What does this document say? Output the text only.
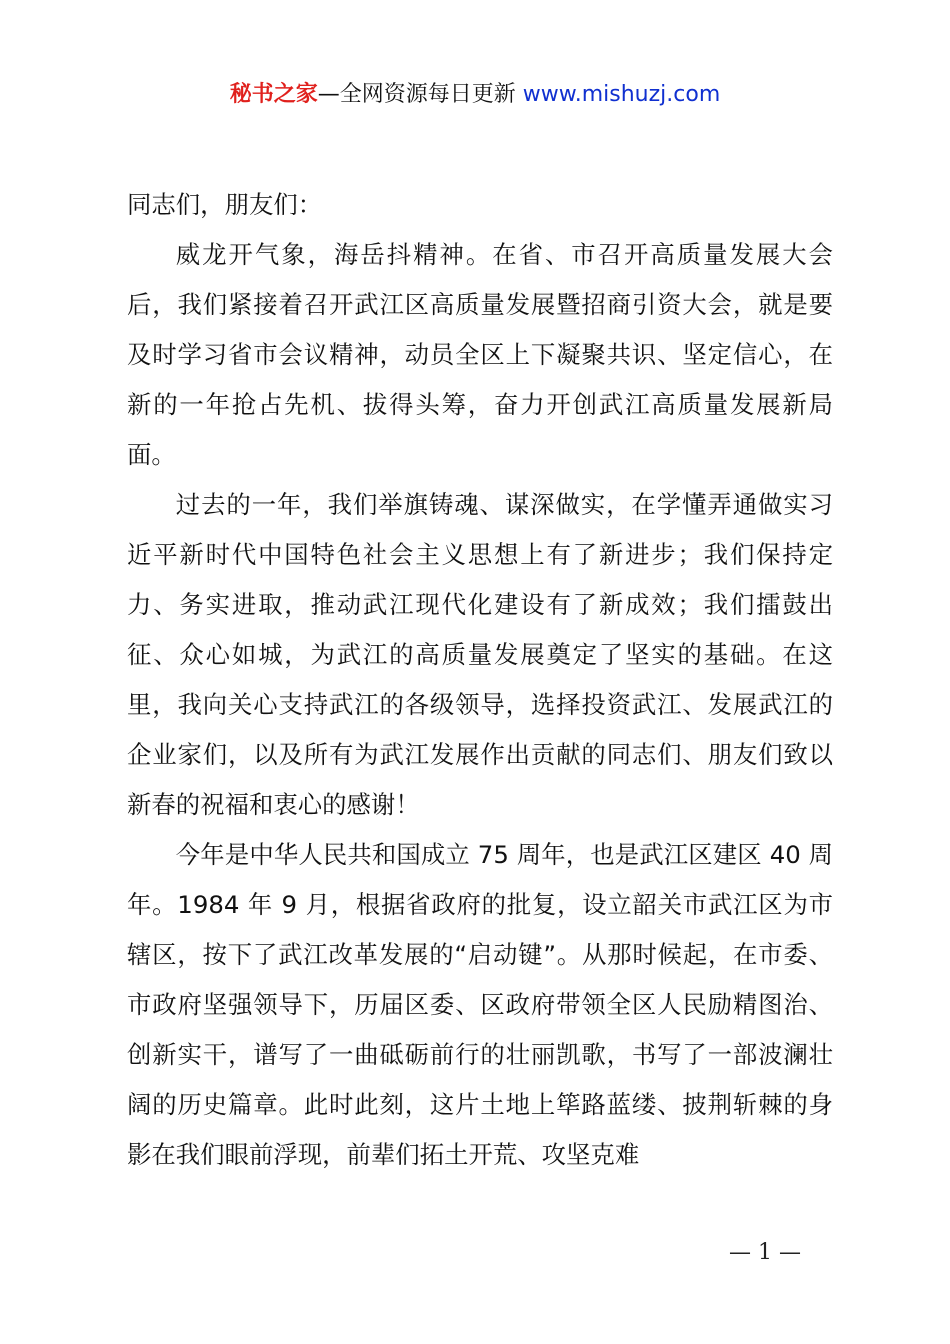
秘书之家—全网资源每日更新 www.mishuzj.com

同志们，朋友们：

威龙开气象，海岳抖精神。在省、市召开高质量发展大会后，我们紧接着召开武江区高质量发展暨招商引资大会，就是要及时学习省市会议精神，动员全区上下凝聚共识、坚定信心，在新的一年抢占先机、拔得头筹，奋力开创武江高质量发展新局面。

过去的一年，我们举旗铸魂、谋深做实，在学懂弄通做实习近平新时代中国特色社会主义思想上有了新进步；我们保持定力、务实进取，推动武江现代化建设有了新成效；我们擂鼓出征、众心如城，为武江的高质量发展奠定了坚实的基础。在这里，我向关心支持武江的各级领导，选择投资武江、发展武江的企业家们，以及所有为武江发展作出贡献的同志们、朋友们致以新春的祝福和衷心的感谢！

今年是中华人民共和国成立 75 周年，也是武江区建区 40 周年。1984 年 9 月，根据省政府的批复，设立韶关市武江区为市辖区，按下了武江改革发展的“启动键”。从那时候起，在市委、市政府坚强领导下，历届区委、区政府带领全区人民励精图治、创新实干，谱写了一曲砥砺前行的壮丽凯歌，书写了一部波澜壮阔的历史篇章。此时此刻，这片土地上筚路蓝缕、披荆斩棘的身影在我们眼前浮现，前辈们拓土开荒、攻坚克难

— 1 —
